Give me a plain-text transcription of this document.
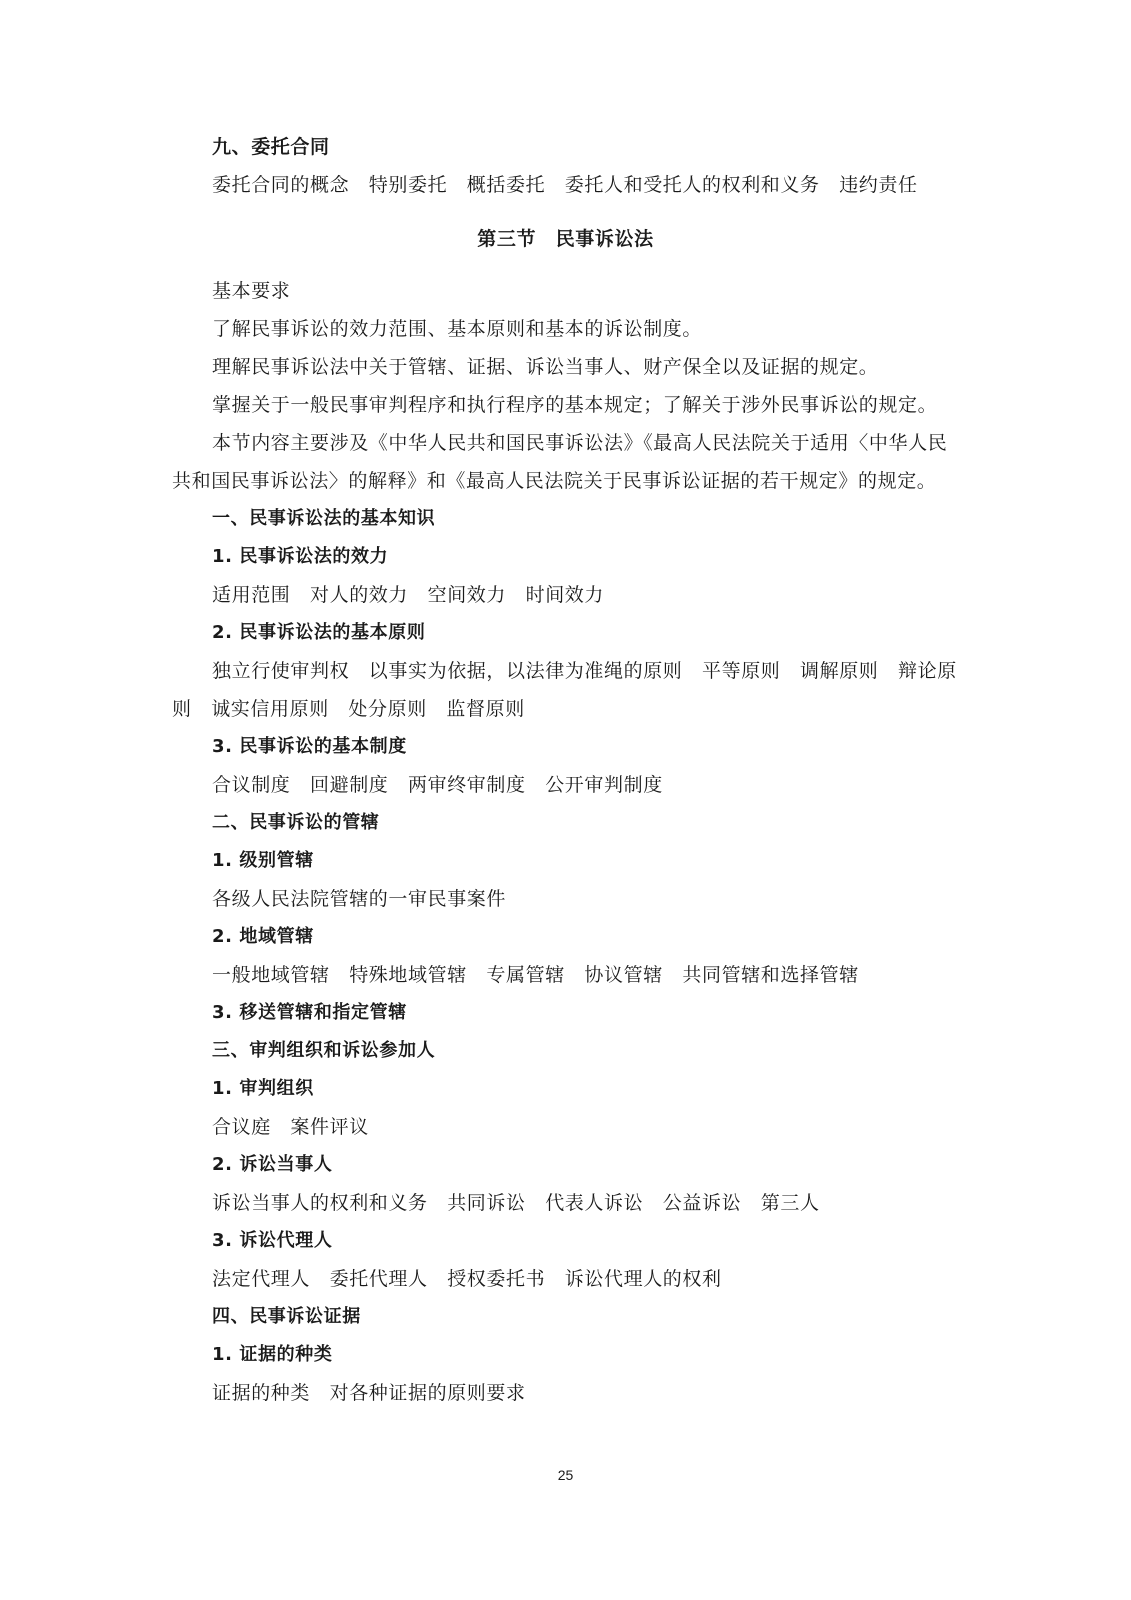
九、委托合同
委托合同的概念　特别委托　概括委托　委托人和受托人的权利和义务　违约责任
第三节　民事诉讼法
基本要求
了解民事诉讼的效力范围、基本原则和基本的诉讼制度。
理解民事诉讼法中关于管辖、证据、诉讼当事人、财产保全以及证据的规定。
掌握关于一般民事审判程序和执行程序的基本规定；了解关于涉外民事诉讼的规定。
本节内容主要涉及《中华人民共和国民事诉讼法》《最高人民法院关于适用〈中华人民
共和国民事诉讼法〉的解释》和《最高人民法院关于民事诉讼证据的若干规定》的规定。
一、民事诉讼法的基本知识
1. 民事诉讼法的效力
适用范围　对人的效力　空间效力　时间效力
2. 民事诉讼法的基本原则
独立行使审判权　以事实为依据，以法律为准绳的原则　平等原则　调解原则　辩论原
则　诚实信用原则　处分原则　监督原则
3. 民事诉讼的基本制度
合议制度　回避制度　两审终审制度　公开审判制度
二、民事诉讼的管辖
1. 级别管辖
各级人民法院管辖的一审民事案件
2. 地域管辖
一般地域管辖　特殊地域管辖　专属管辖　协议管辖　共同管辖和选择管辖
3. 移送管辖和指定管辖
三、审判组织和诉讼参加人
1. 审判组织
合议庭　案件评议
2. 诉讼当事人
诉讼当事人的权利和义务　共同诉讼　代表人诉讼　公益诉讼　第三人
3. 诉讼代理人
法定代理人　委托代理人　授权委托书　诉讼代理人的权利
四、民事诉讼证据
1. 证据的种类
证据的种类　对各种证据的原则要求
25
